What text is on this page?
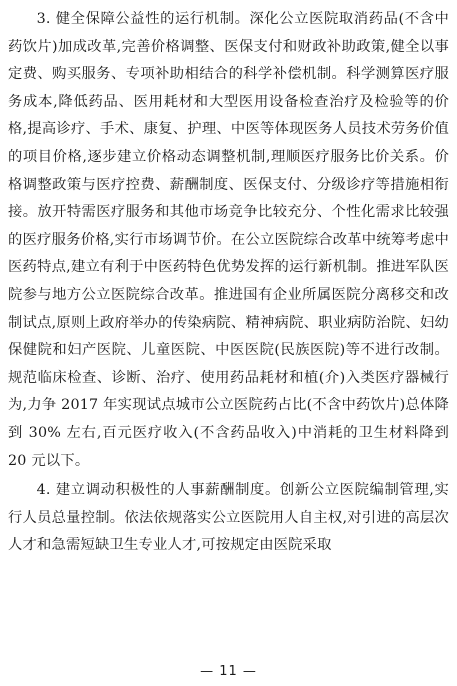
3. 健全保障公益性的运行机制。深化公立医院取消药品(不含中药饮片)加成改革,完善价格调整、医保支付和财政补助政策,健全以事定费、购买服务、专项补助相结合的科学补偿机制。科学测算医疗服务成本,降低药品、医用耗材和大型医用设备检查治疗及检验等的价格,提高诊疗、手术、康复、护理、中医等体现医务人员技术劳务价值的项目价格,逐步建立价格动态调整机制,理顺医疗服务比价关系。价格调整政策与医疗控费、薪酬制度、医保支付、分级诊疗等措施相衔接。放开特需医疗服务和其他市场竞争比较充分、个性化需求比较强的医疗服务价格,实行市场调节价。在公立医院综合改革中统筹考虑中医药特点,建立有利于中医药特色优势发挥的运行新机制。推进军队医院参与地方公立医院综合改革。推进国有企业所属医院分离移交和改制试点,原则上政府举办的传染病院、精神病院、职业病防治院、妇幼保健院和妇产医院、儿童医院、中医医院(民族医院)等不进行改制。规范临床检查、诊断、治疗、使用药品耗材和植(介)入类医疗器械行为,力争 2017 年实现试点城市公立医院药占比(不含中药饮片)总体降到 30% 左右,百元医疗收入(不含药品收入)中消耗的卫生材料降到 20 元以下。

4. 建立调动积极性的人事薪酬制度。创新公立医院编制管理,实行人员总量控制。依法依规落实公立医院用人自主权,对引进的高层次人才和急需短缺卫生专业人才,可按规定由医院采取

— 11 —
